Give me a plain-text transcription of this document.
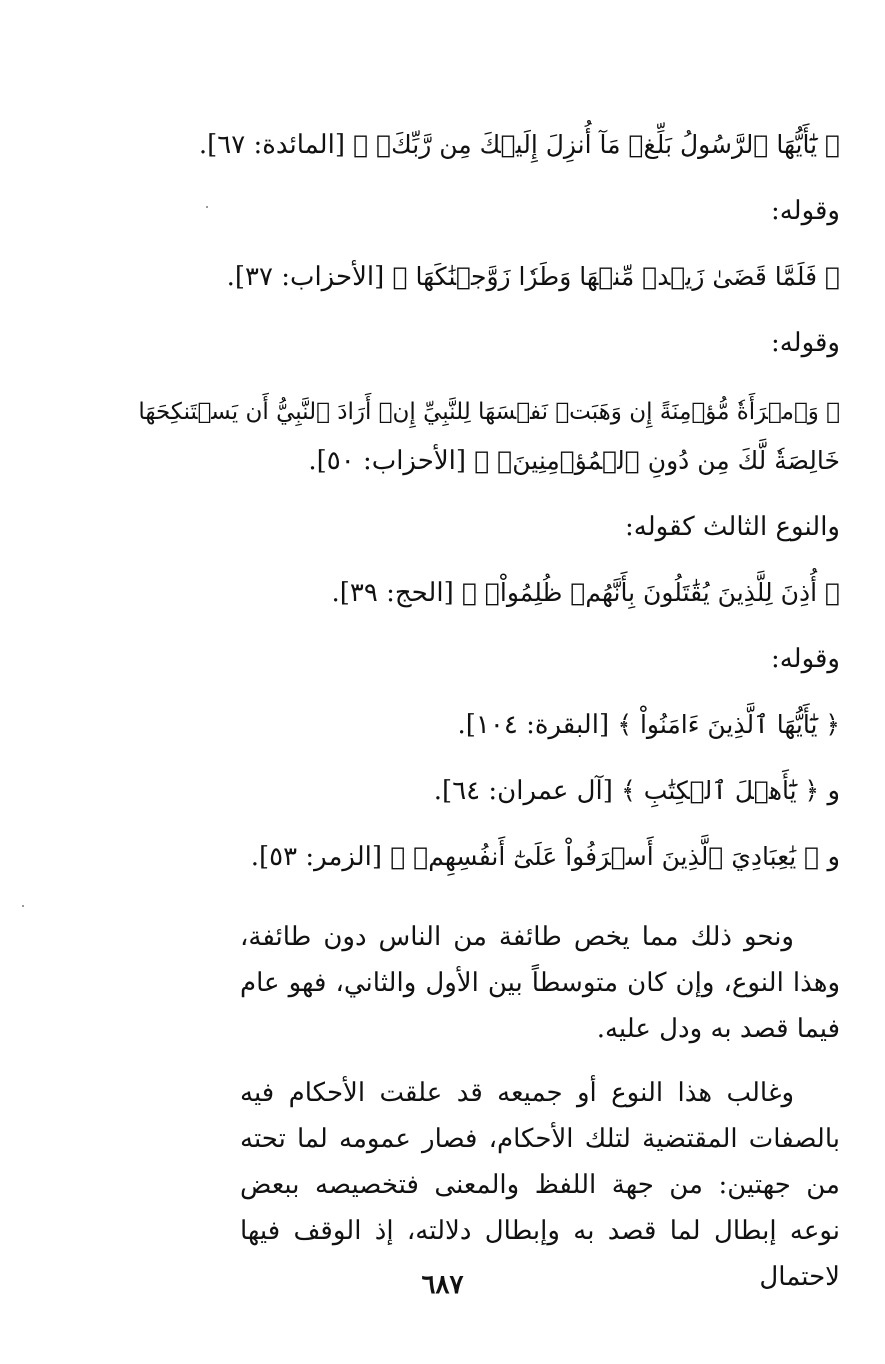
﴿ يَٰٓأَيُّهَا ٱلرَّسُولُ بَلِّغۡ مَآ أُنزِلَ إِلَيۡكَ مِن رَّبِّكَۖ ﴾ [المائدة: ٦٧].
وقوله:
﴿ فَلَمَّا قَضَىٰ زَيۡدٞ مِّنۡهَا وَطَرٗا زَوَّجۡنَٰكَهَا ﴾ [الأحزاب: ٣٧].
وقوله:
﴿ وَٱمۡرَأَةٗ مُّؤۡمِنَةً إِن وَهَبَتۡ نَفۡسَهَا لِلنَّبِيِّ إِنۡ أَرَادَ ٱلنَّبِيُّ أَن يَسۡتَنكِحَهَا
خَالِصَةٗ لَّكَ مِن دُونِ ٱلۡمُؤۡمِنِينَۗ ﴾ [الأحزاب: ٥٠].
والنوع الثالث كقوله:
﴿ أُذِنَ لِلَّذِينَ يُقَٰتَلُونَ بِأَنَّهُمۡ ظُلِمُواْۚ ﴾ [الحج: ٣٩].
وقوله:
﴿ يَٰٓأَيُّهَا ٱلَّذِينَ ءَامَنُواْ ﴾ [البقرة: ١٠٤].
و ﴿ يَٰٓأَهۡلَ ٱلۡكِتَٰبِ ﴾ [آل عمران: ٦٤].
و ﴿ يَٰعِبَادِيَ ٱلَّذِينَ أَسۡرَفُواْ عَلَىٰٓ أَنفُسِهِمۡ ﴾ [الزمر: ٥٣].

ونحو ذلك مما يخص طائفة من الناس دون طائفة، وهذا النوع، وإن كان متوسطاً بين الأول والثاني، فهو عام فيما قصد به ودل عليه.

وغالب هذا النوع أو جميعه قد علقت الأحكام فيه بالصفات المقتضية لتلك الأحكام، فصار عمومه لما تحته من جهتين: من جهة اللفظ والمعنى فتخصيصه ببعض نوعه إبطال لما قصد به وإبطال دلالته، إذ الوقف فيها لاحتمال

٦٨٧
